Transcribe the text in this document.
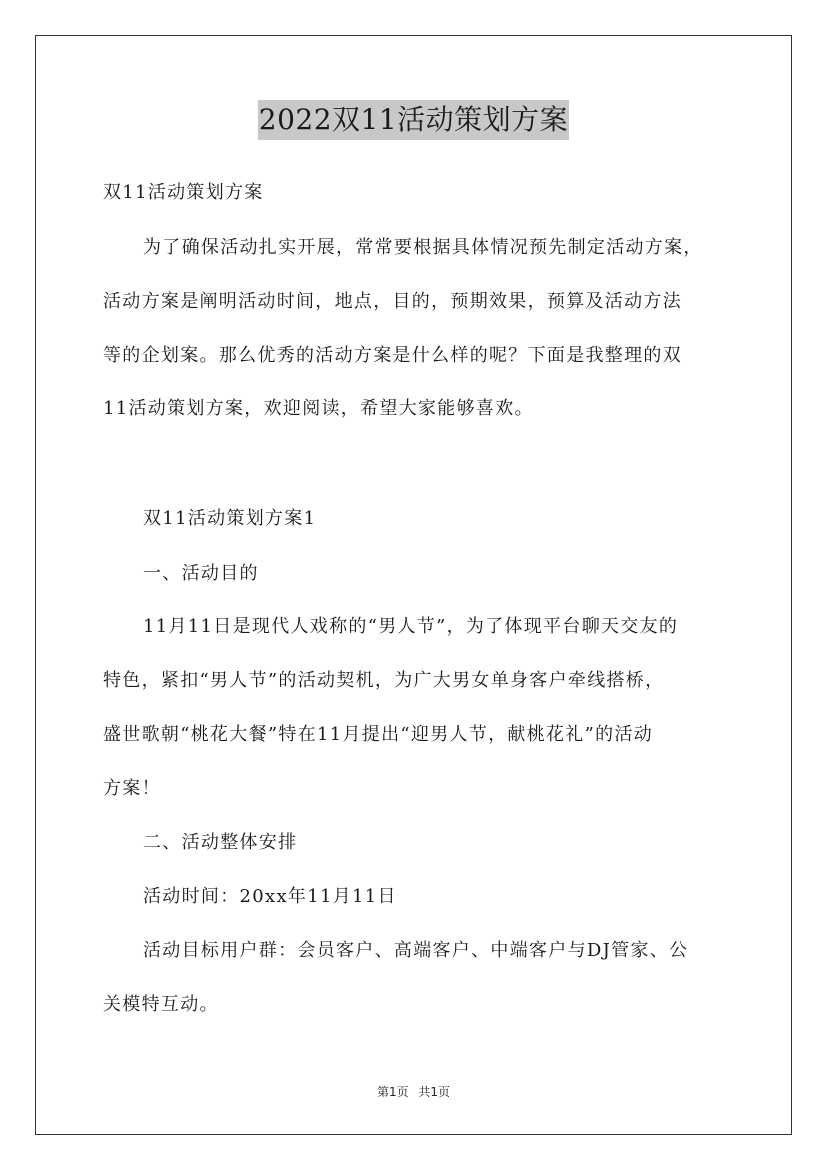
2022双11活动策划方案
双11活动策划方案
为了确保活动扎实开展，常常要根据具体情况预先制定活动方案，
活动方案是阐明活动时间，地点，目的，预期效果，预算及活动方法
等的企划案。那么优秀的活动方案是什么样的呢？下面是我整理的双
11活动策划方案，欢迎阅读，希望大家能够喜欢。
双11活动策划方案1
一、活动目的
11月11日是现代人戏称的“男人节”，为了体现平台聊天交友的
特色，紧扣“男人节”的活动契机，为广大男女单身客户牵线搭桥，
盛世歌朝“桃花大餐”特在11月提出“迎男人节，献桃花礼”的活动
方案！
二、活动整体安排
活动时间：20xx年11月11日
活动目标用户群：会员客户、高端客户、中端客户与DJ管家、公
关模特互动。
第1页 共1页
